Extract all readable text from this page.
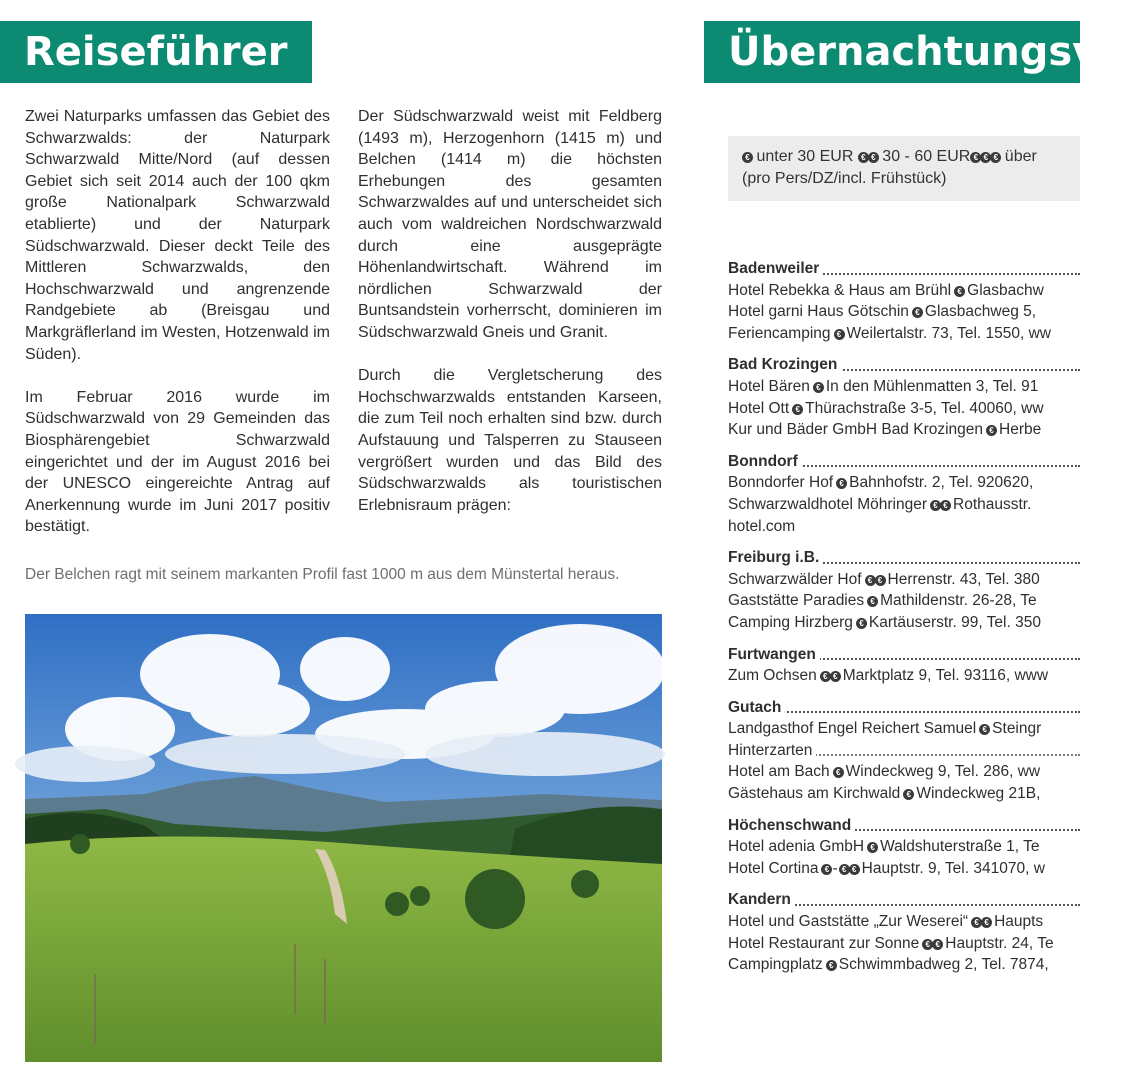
Reiseführer	Übernachtungsve

Zwei Naturparks umfassen das Gebiet des Schwarzwalds: der Naturpark Schwarzwald Mitte/Nord (auf dessen Gebiet sich seit 2014 auch der 100 qkm große Nationalpark Schwarzwald etablierte) und der Naturpark Südschwarzwald. Dieser deckt Teile des Mittleren Schwarzwalds, den Hochschwarzwald und angrenzende Randgebiete ab (Breisgau und Markgräflerland im Westen, Hotzenwald im Süden).

Im Februar 2016 wurde im Südschwarzwald von 29 Gemeinden das Biosphärengebiet Schwarzwald eingerichtet und der im August 2016 bei der UNESCO eingereichte Antrag auf Anerkennung wurde im Juni 2017 positiv bestätigt.

Der Südschwarzwald weist mit Feldberg (1493 m), Herzogenhorn (1415 m) und Belchen (1414 m) die höchsten Erhebungen des gesamten Schwarzwaldes auf und unterscheidet sich auch vom waldreichen Nordschwarzwald durch eine ausgeprägte Höhenlandwirtschaft. Während im nördlichen Schwarzwald der Buntsandstein vorherrscht, dominieren im Südschwarzwald Gneis und Granit.

Durch die Vergletscherung des Hochschwarzwalds entstanden Karseen, die zum Teil noch erhalten sind bzw. durch Aufstauung und Talsperren zu Stauseen vergrößert wurden und das Bild des Südschwarzwalds als touristischen Erlebnisraum prägen:

Der Belchen ragt mit seinem markanten Profil fast 1000 m aus dem Münstertal heraus.
€ unter 30 EUR € € 30 - 60 EUR € € € über
(pro Pers/DZ/incl. Frühstück)
Badenweiler
Hotel Rebekka & Haus am Brühl € Glasbachw
Hotel garni Haus Götschin € Glasbachweg 5,
Feriencamping € Weilertalstr. 73, Tel. 1550, ww
Bad Krozingen
Hotel Bären € In den Mühlenmatten 3, Tel. 91
Hotel Ott € Thürachstraße 3-5, Tel. 40060, ww
Kur und Bäder GmbH Bad Krozingen € Herbe
Bonndorf
Bonndorfer Hof € Bahnhofstr. 2, Tel. 920620,
Schwarzwaldhotel Möhringer € € Rothausstr.
hotel.com
Freiburg i.B.
Schwarzwälder Hof € € Herrenstr. 43, Tel. 380
Gaststätte Paradies € Mathildenstr. 26-28, Te
Camping Hirzberg € Kartäuserstr. 99, Tel. 350
Furtwangen
Zum Ochsen € € Marktplatz 9, Tel. 93116, www
Gutach
Landgasthof Engel Reichert Samuel € Steingr
Hinterzarten
Hotel am Bach € Windeckweg 9, Tel. 286, ww
Gästehaus am Kirchwald € Windeckweg 21B,
Höchenschwand
Hotel adenia GmbH € Waldshuterstraße 1, Te
Hotel Cortina € - € € Hauptstr. 9, Tel. 341070, w
Kandern
Hotel und Gaststätte „Zur Weserei“ € € Haupts
Hotel Restaurant zur Sonne € € Hauptstr. 24, Te
Campingplatz € Schwimmbadweg 2, Tel. 7874,
